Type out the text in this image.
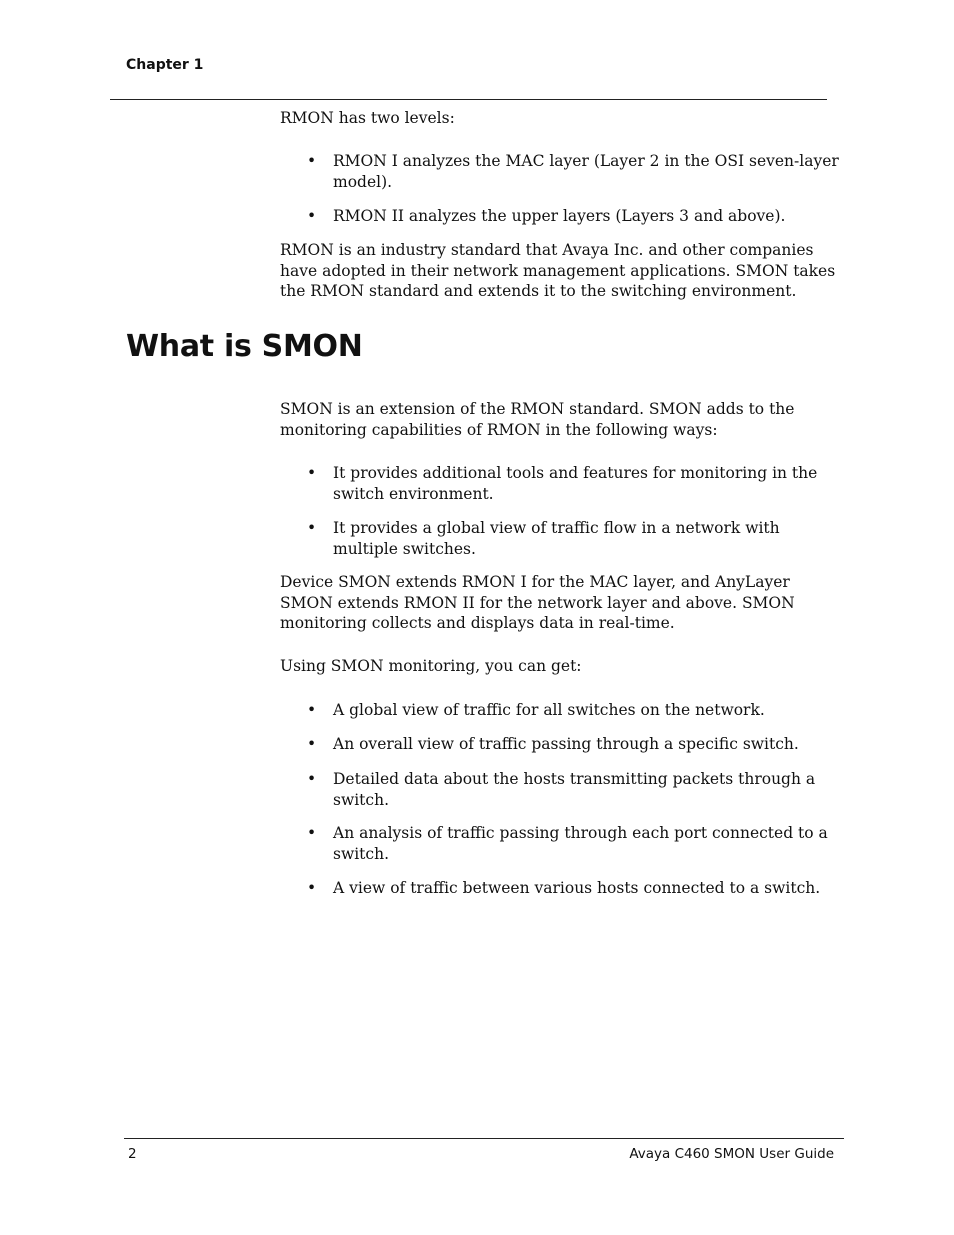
Chapter 1

RMON has two levels:

• RMON I analyzes the MAC layer (Layer 2 in the OSI seven-layer model).
• RMON II analyzes the upper layers (Layers 3 and above).

RMON is an industry standard that Avaya Inc. and other companies have adopted in their network management applications. SMON takes the RMON standard and extends it to the switching environment.

What is SMON

SMON is an extension of the RMON standard. SMON adds to the monitoring capabilities of RMON in the following ways:

• It provides additional tools and features for monitoring in the switch environment.
• It provides a global view of traffic flow in a network with multiple switches.

Device SMON extends RMON I for the MAC layer, and AnyLayer SMON extends RMON II for the network layer and above. SMON monitoring collects and displays data in real-time.

Using SMON monitoring, you can get:

• A global view of traffic for all switches on the network.
• An overall view of traffic passing through a specific switch.
• Detailed data about the hosts transmitting packets through a switch.
• An analysis of traffic passing through each port connected to a switch.
• A view of traffic between various hosts connected to a switch.
2	Avaya C460 SMON User Guide
